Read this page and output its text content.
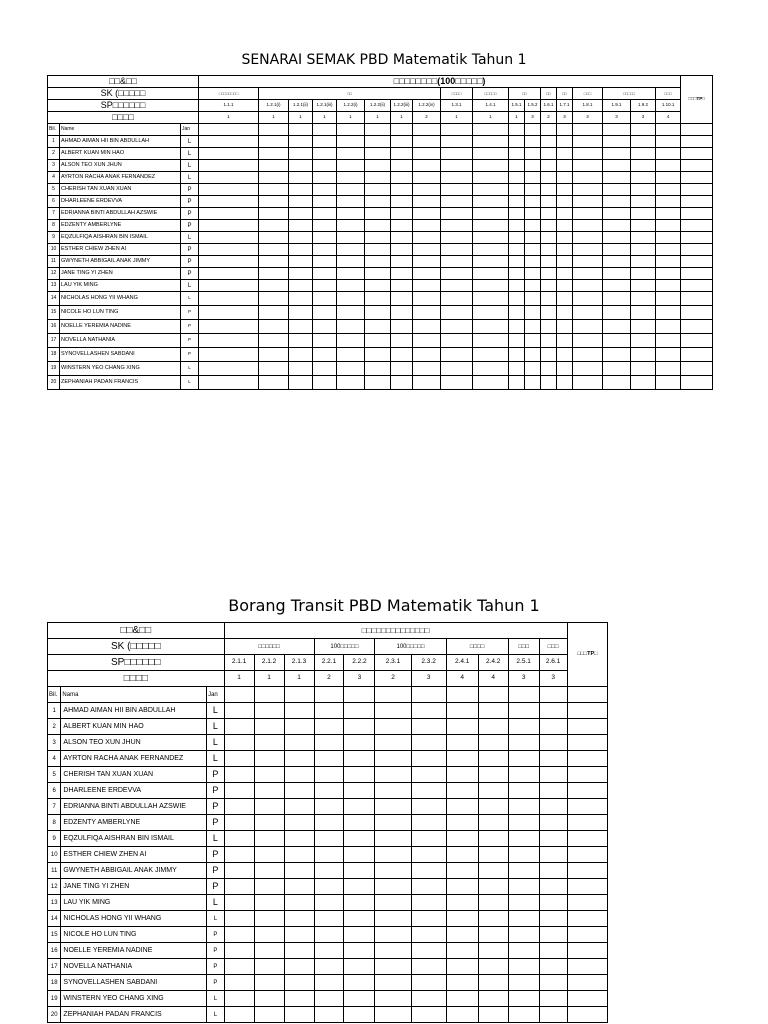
SENARAI SEMAK PBD Matematik Tahun 1
□□&□□			□□□□□□□□(100□□□□□)																		□□□TP□
SK (□□□□□			□□□□□□□□	□□							□□□□	□□□□□	□□		□□	□□	□□□	□□□□□		□□□	
SP□□□□□□			1.1.1	1.2.1(i)	1.2.1(ii)	1.2.1(iii)	1.2.2(i)	1.2.2(ii)	1.2.2(iii)	1.2.2(iv)	1.3.1	1.4.1	1.5.1	1.5.2	1.6.1	1.7.1	1.8.1	1.9.1	1.9.2	1.10.1	
□□□□			1	1	1	1	1	1	1	2	1	1	1	3	2	3	3	3	3	4	
Bil.	Name	Jan																			
1	AHMAD AIMAN HII BIN ABDULLAH	L																			
2	ALBERT KUAN MIN HAO	L																			
3	ALSON TEO XUN JHUN	L																			
4	AYRTON RACHA ANAK FERNANDEZ	L																			
5	CHERISH TAN XUAN XUAN	P																			
6	DHARLEENE ERDEVVA	P																			
7	EDRIANNA BINTI ABDULLAH AZSWIE	P																			
8	EDZENTY AMBERLYNE	P																			
9	EQZULFIQA AISHRAN BIN ISMAIL	L																			
10	ESTHER CHIEW ZHEN AI	P																			
11	GWYNETH ABBIGAIL ANAK JIMMY	P																			
12	JANE TING YI ZHEN	P																			
13	LAU YIK MING	L																			
14	NICHOLAS HONG YII WHANG	L																			
15	NICOLE HO LUN TING	P																			
16	NOELLE YEREMIA NADINE	P																			
17	NOVELLA NATHANIA	P																			
18	SYNOVELLASHEN SABDANI	P																			
19	WINSTERN YEO CHANG XING	L																			
20	ZEPHANIAH PADAN FRANCIS	L																			
Borang Transit PBD Matematik Tahun 1
□□&□□			□□□□□□□□□□□□□□											□□□TP□
SK (□□□□□			□□□□□□			100□□□□□		100□□□□□		□□□□		□□□	□□□	
SP□□□□□□			2.1.1	2.1.2	2.1.3	2.2.1	2.2.2	2.3.1	2.3.2	2.4.1	2.4.2	2.5.1	2.6.1	
□□□□			1	1	1	2	3	2	3	4	4	3	3	
Bil.	Nama	Jan												
1	AHMAD AIMAN HII BIN ABDULLAH	L												
2	ALBERT KUAN MIN HAO	L												
3	ALSON TEO XUN JHUN	L												
4	AYRTON RACHA ANAK FERNANDEZ	L												
5	CHERISH TAN XUAN XUAN	P												
6	DHARLEENE ERDEVVA	P												
7	EDRIANNA BINTI ABDULLAH AZSWIE	P												
8	EDZENTY AMBERLYNE	P												
9	EQZULFIQA AISHRAN BIN ISMAIL	L												
10	ESTHER CHIEW ZHEN AI	P												
11	GWYNETH ABBIGAIL ANAK JIMMY	P												
12	JANE TING YI ZHEN	P												
13	LAU YIK MING	L												
14	NICHOLAS HONG YII WHANG	L												
15	NICOLE HO LUN TING	P												
16	NOELLE YEREMIA NADINE	P												
17	NOVELLA NATHANIA	P												
18	SYNOVELLASHEN SABDANI	P												
19	WINSTERN YEO CHANG XING	L												
20	ZEPHANIAH PADAN FRANCIS	L												
